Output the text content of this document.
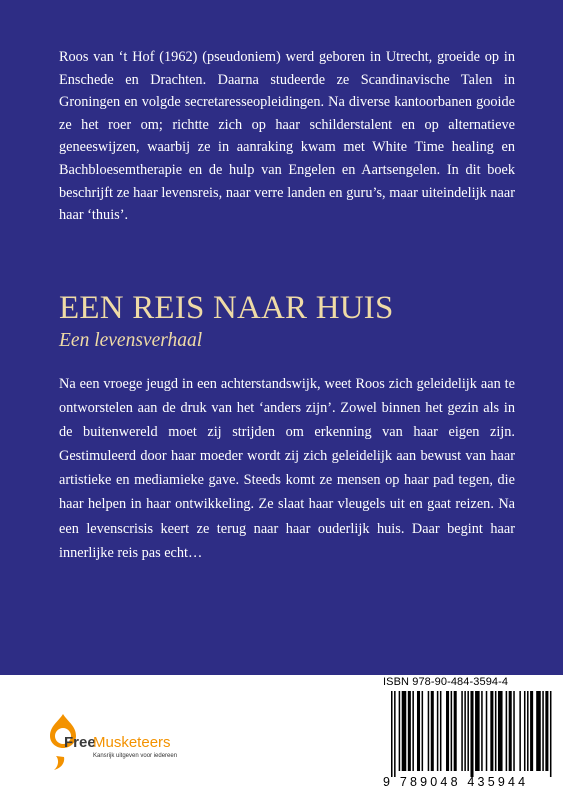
Roos van ‘t Hof (1962) (pseudoniem) werd geboren in Utrecht, groeide op in Enschede en Drachten. Daarna studeerde ze Scandinavische Talen in Groningen en volgde secretaresseopleidingen. Na diverse kantoorbanen gooide ze het roer om; richtte zich op haar schilderstalent en op alternatieve geneeswijzen, waarbij ze in aanraking kwam met White Time healing en Bachbloesemtherapie en de hulp van Engelen en Aartsengelen. In dit boek beschrijft ze haar levensreis, naar verre landen en guru’s, maar uiteindelijk naar haar ‘thuis’.

EEN REIS NAAR HUIS
Een levensverhaal

Na een vroege jeugd in een achterstandswijk, weet Roos zich geleidelijk aan te ontworstelen aan de druk van het ‘anders zijn’. Zowel binnen het gezin als in de buitenwereld moet zij strijden om erkenning van haar eigen zijn. Gestimuleerd door haar moeder wordt zij zich geleidelijk aan bewust van haar artistieke en mediamieke gave. Steeds komt ze mensen op haar pad tegen, die haar helpen in haar ontwikkeling. Ze slaat haar vleugels uit en gaat reizen. Na een levenscrisis keert ze terug naar haar ouderlijk huis. Daar begint haar innerlijke reis pas echt…

Free
Musketeers
Kansrijk uitgeven voor iedereen
ISBN 978-90-484-3594-4
9 789048 435944
